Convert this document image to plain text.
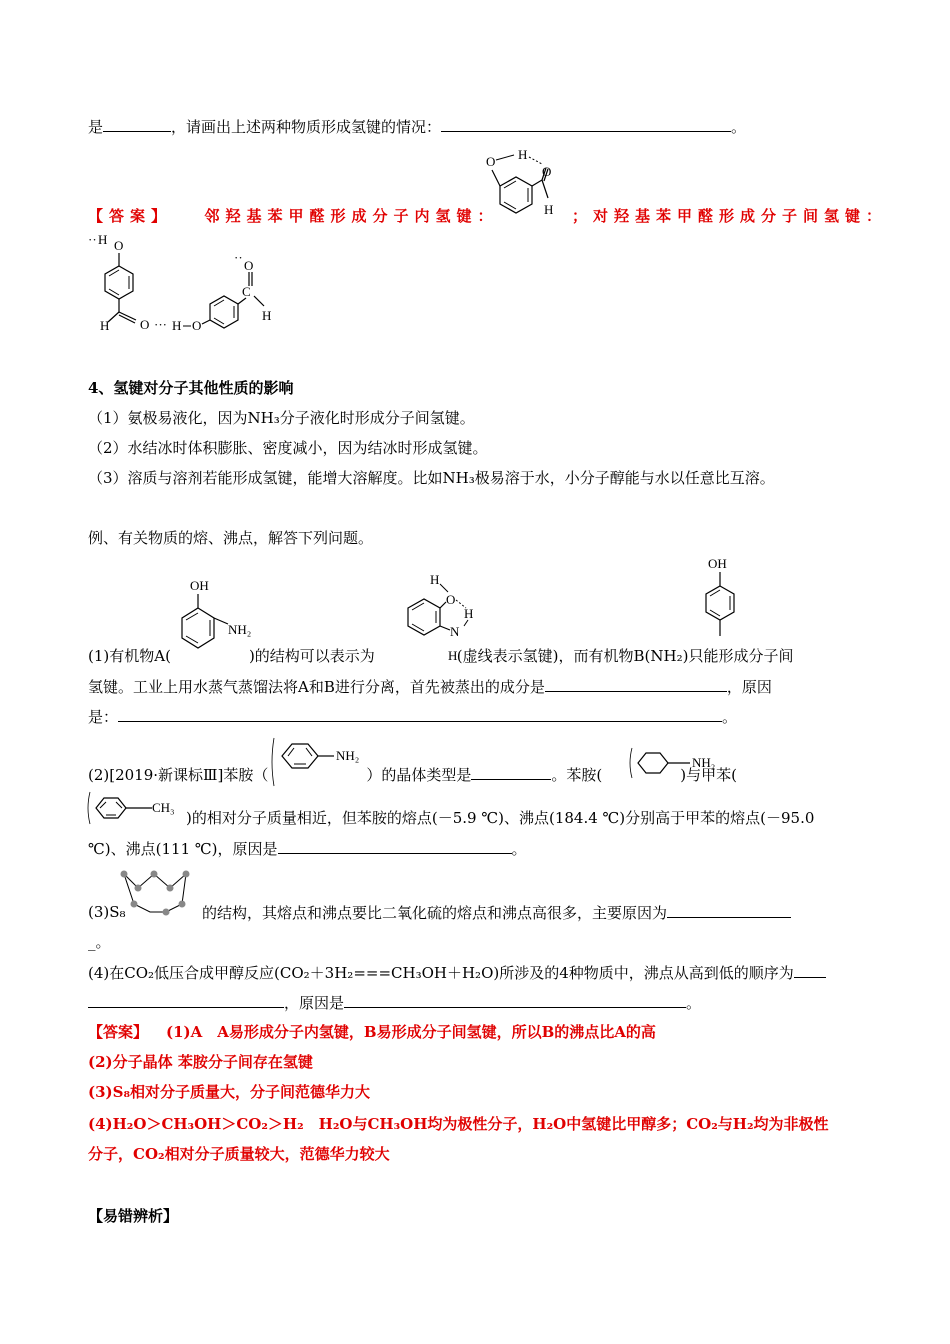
是	，请画出上述两种物质形成氢键的情况：	。
【答案】 邻羟基苯甲醛形成分子内氢键：	；对羟基苯甲醛形成分子间氢键：
O H
O
H
·· H O
H O ··· H O
C
O
··
H
4、氢键对分子其他性质的影响
（1）氨极易液化，因为NH₃分子液化时形成分子间氢键。
（2）水结冰时体积膨胀、密度减小，因为结冰时形成氢键。
（3）溶质与溶剂若能形成氢键，能增大溶解度。比如NH₃极易溶于水，小分子醇能与水以任意比互溶。
例、有关物质的熔、沸点，解答下列问题。
OH
NH₂
H
O
H
N
H
OH
(1)有机物A(	)的结构可以表示为	(虚线表示氢键)，而有机物B(NH₂)只能形成分子间
氢键。工业上用水蒸气蒸馏法将A和B进行分离，首先被蒸出的成分是	，原因
是：	。
NH₂	NH₂
CH₃
(2)[2019·新课标Ⅲ]苯胺（	）的晶体类型是	。苯胺(	)与甲苯(
)的相对分子质量相近，但苯胺的熔点(－5.9 ℃)、沸点(184.4 ℃)分别高于甲苯的熔点(－95.0
℃)、沸点(111 ℃)，原因是	。
(3)S₈	的结构，其熔点和沸点要比二氧化硫的熔点和沸点高很多，主要原因为
_。
(4)在CO₂低压合成甲醇反应(CO₂＋3H₂===CH₃OH＋H₂O)所涉及的4种物质中，沸点从高到低的顺序为
，原因是	。
【答案】 (1)A　A易形成分子内氢键，B易形成分子间氢键，所以B的沸点比A的高
(2)分子晶体 苯胺分子间存在氢键
(3)S₈相对分子质量大，分子间范德华力大
(4)H₂O＞CH₃OH＞CO₂＞H₂　H₂O与CH₃OH均为极性分子，H₂O中氢键比甲醇多；CO₂与H₂均为非极性
分子，CO₂相对分子质量较大，范德华力较大
【易错辨析】
